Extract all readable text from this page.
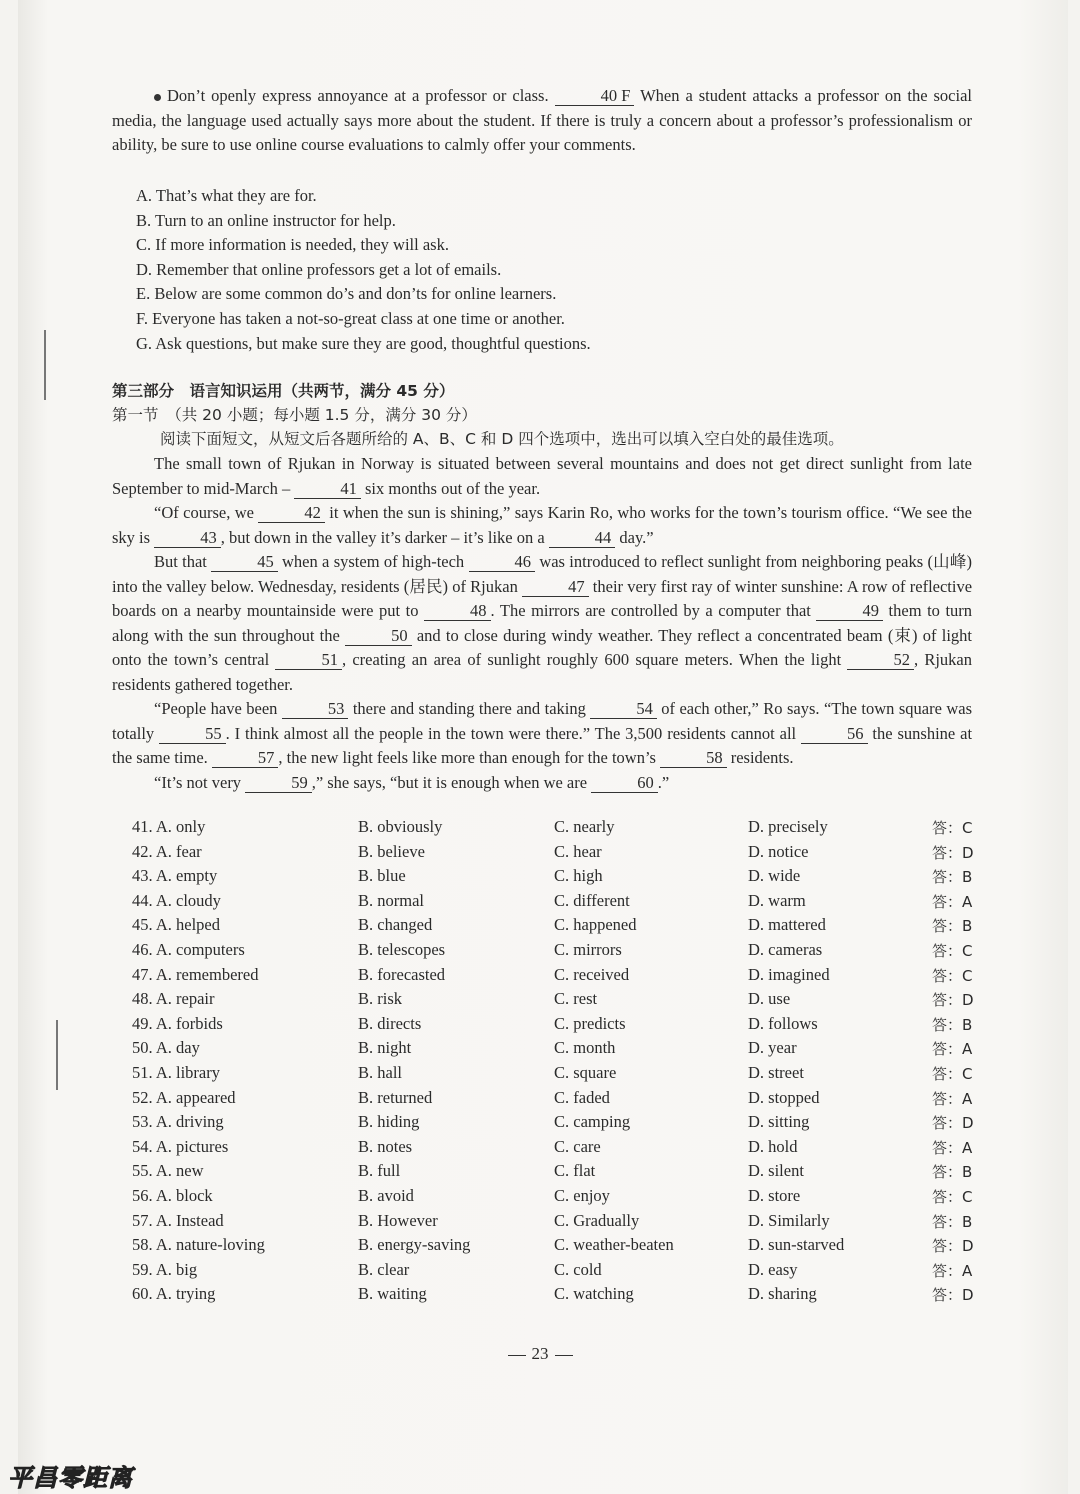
Don’t openly express annoyance at a professor or class.	40 F When a student attacks a professor on the social media, the language used actually says more about the student. If there is truly a concern about a professor’s professionalism or ability, be sure to use online course evaluations to calmly offer your comments.

A. That’s what they are for.
B. Turn to an online instructor for help.
C. If more information is needed, they will ask.
D. Remember that online professors get a lot of emails.
E. Below are some common do’s and don’ts for online learners.
F. Everyone has taken a not-so-great class at one time or another.
G. Ask questions, but make sure they are good, thoughtful questions.
第三部分　语言知识运用（共两节，满分 45 分）
第一节　（共 20 小题；每小题 1.5 分，满分 30 分）
阅读下面短文，从短文后各题所给的 A、B、C 和 D 四个选项中，选出可以填入空白处的最佳选项。

The small town of Rjukan in Norway is situated between several mountains and does not get direct sunlight from late September to mid-March –	41 six months out of the year.

“Of course, we	42 it when the sun is shining,” says Karin Ro, who works for the town’s tourism office. “We see the sky is	43 , but down in the valley it’s darker – it’s like on a	44 day.”

But that	45 when a system of high-tech	46 was introduced to reflect sunlight from neighboring peaks (山峰) into the valley below. Wednesday, residents (居民) of Rjukan	47 their very first ray of winter sunshine: A row of reflective boards on a nearby mountainside were put to	48 . The mirrors are controlled by a computer that	49 them to turn along with the sun throughout the	50 and to close during windy weather. They reflect a concentrated beam (束) of light onto the town’s central	51 , creating an area of sunlight roughly 600 square meters. When the light	52 , Rjukan residents gathered together.

“People have been	53 there and standing there and taking	54 of each other,” Ro says. “The town square was totally	55 . I think almost all the people in the town were there.” The 3,500 residents cannot all	56 the sunshine at the same time.	57 , the new light feels like more than enough for the town’s	58 residents.

“It’s not very	59 ,” she says, “but it is enough when we are	60 .”

41. A. only	B. obviously	C. nearly	D. precisely	答：C
42. A. fear	B. believe	C. hear	D. notice	答：D
43. A. empty	B. blue	C. high	D. wide	答：B
44. A. cloudy	B. normal	C. different	D. warm	答：A
45. A. helped	B. changed	C. happened	D. mattered	答：B
46. A. computers	B. telescopes	C. mirrors	D. cameras	答：C
47. A. remembered	B. forecasted	C. received	D. imagined	答：C
48. A. repair	B. risk	C. rest	D. use	答：D
49. A. forbids	B. directs	C. predicts	D. follows	答：B
50. A. day	B. night	C. month	D. year	答：A
51. A. library	B. hall	C. square	D. street	答：C
52. A. appeared	B. returned	C. faded	D. stopped	答：A
53. A. driving	B. hiding	C. camping	D. sitting	答：D
54. A. pictures	B. notes	C. care	D. hold	答：A
55. A. new	B. full	C. flat	D. silent	答：B
56. A. block	B. avoid	C. enjoy	D. store	答：C
57. A. Instead	B. However	C. Gradually	D. Similarly	答：B
58. A. nature-loving	B. energy-saving	C. weather-beaten	D. sun-starved	答：D
59. A. big	B. clear	C. cold	D. easy	答：A
60. A. trying	B. waiting	C. watching	D. sharing	答：D
23
平昌零距离
